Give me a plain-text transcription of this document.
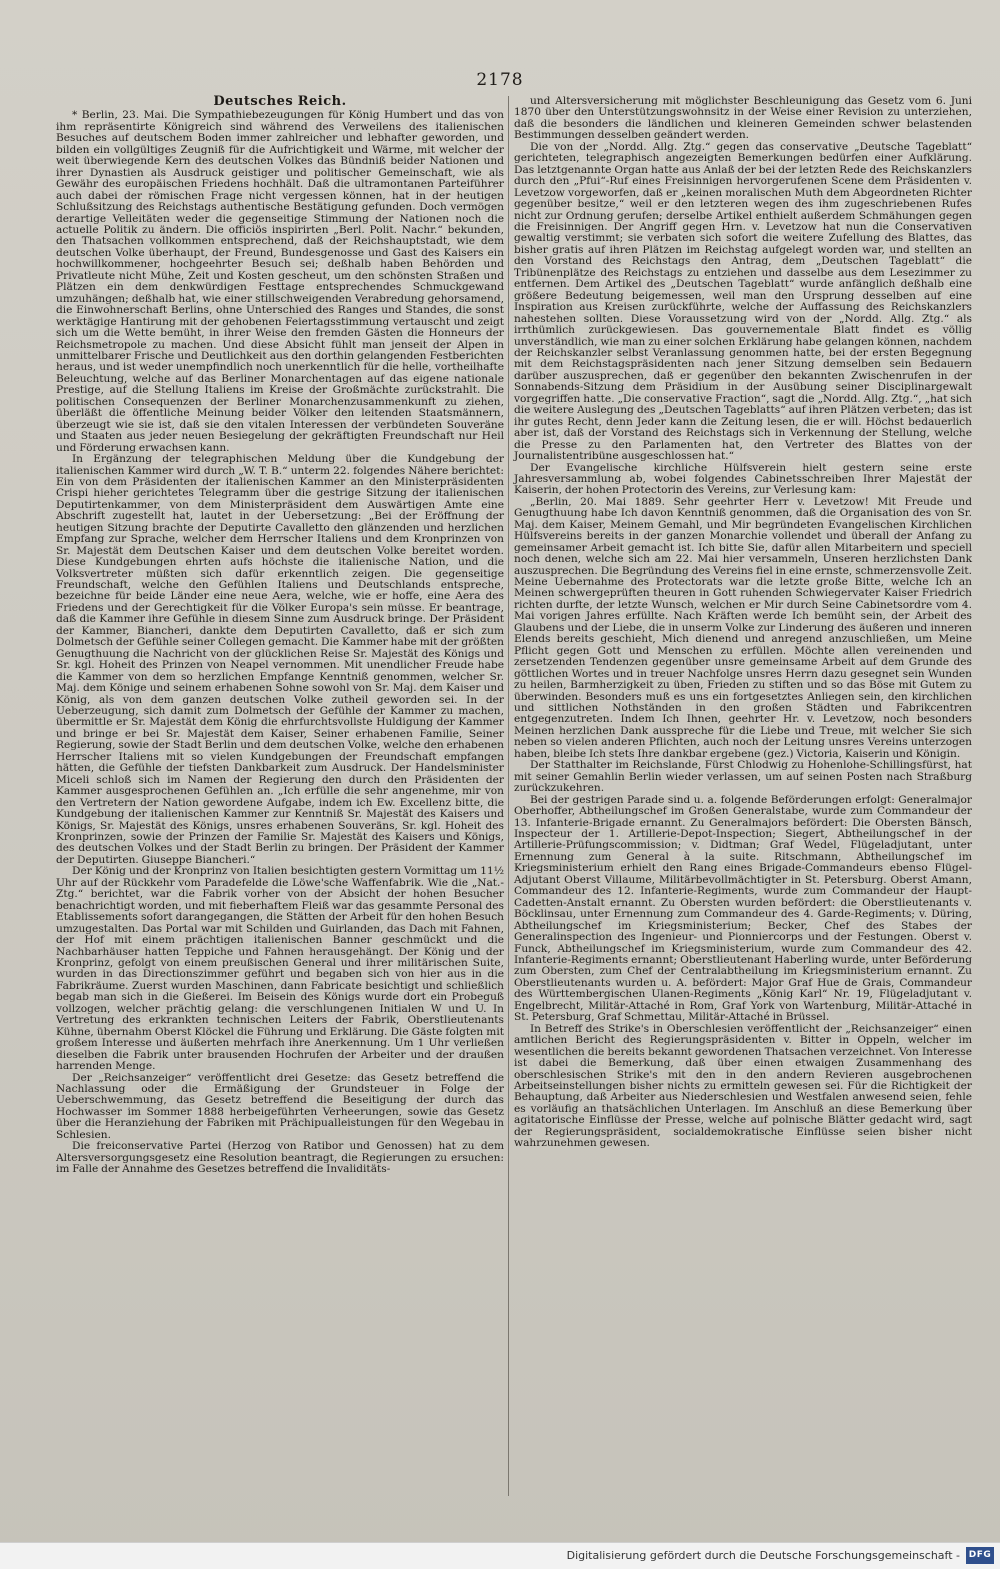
2178
Deutsches Reich.

* Berlin, 23. Mai. Die Sympathiebezeugungen für König Humbert und das von ihm repräsentirte Königreich sind während des Verweilens des italienischen Besuches auf deutschem Boden immer zahlreicher und lebhafter geworden, und bilden ein vollgültiges Zeugniß für die Aufrichtigkeit und Wärme, mit welcher der weit überwiegende Kern des deutschen Volkes das Bündniß beider Nationen und ihrer Dynastien als Ausdruck geistiger und politischer Gemeinschaft, wie als Gewähr des europäischen Friedens hochhält. Daß die ultramontanen Parteiführer auch dabei der römischen Frage nicht vergessen können, hat in der heutigen Schlußsitzung des Reichstags authentische Bestätigung gefunden. Doch vermögen derartige Velleitäten weder die gegenseitige Stimmung der Nationen noch die actuelle Politik zu ändern. Die officiös inspirirten „Berl. Polit. Nachr.“ bekunden, den Thatsachen vollkommen entsprechend, daß der Reichshauptstadt, wie dem deutschen Volke überhaupt, der Freund, Bundesgenosse und Gast des Kaisers ein hochwillkommener, hochgeehrter Besuch sei; deßhalb haben Behörden und Privatleute nicht Mühe, Zeit und Kosten gescheut, um den schönsten Straßen und Plätzen ein dem denkwürdigen Festtage entsprechendes Schmuckgewand umzuhängen; deßhalb hat, wie einer stillschweigenden Verabredung gehorsamend, die Einwohnerschaft Berlins, ohne Unterschied des Ranges und Standes, die sonst werktägige Hantirung mit der gehobenen Feiertagsstimmung vertauscht und zeigt sich um die Wette bemüht, in ihrer Weise den fremden Gästen die Honneurs der Reichsmetropole zu machen. Und diese Absicht fühlt man jenseit der Alpen in unmittelbarer Frische und Deutlichkeit aus den dorthin gelangenden Festberichten heraus, und ist weder unempfindlich noch unerkenntlich für die helle, vortheilhafte Beleuchtung, welche auf das Berliner Monarchentagen auf das eigene nationale Prestige, auf die Stellung Italiens im Kreise der Großmächte zurückstrahlt. Die politischen Consequenzen der Berliner Monarchenzusammenkunft zu ziehen, überläßt die öffentliche Meinung beider Völker den leitenden Staatsmännern, überzeugt wie sie ist, daß sie den vitalen Interessen der verbündeten Souveräne und Staaten aus jeder neuen Besiegelung der gekräftigten Freundschaft nur Heil und Förderung erwachsen kann.

In Ergänzung der telegraphischen Meldung über die Kundgebung der italienischen Kammer wird durch „W. T. B.“ unterm 22. folgendes Nähere berichtet: Ein von dem Präsidenten der italienischen Kammer an den Ministerpräsidenten Crispi hieher gerichtetes Telegramm über die gestrige Sitzung der italienischen Deputirtenkammer, von dem Ministerpräsident dem Auswärtigen Amte eine Abschrift zugestellt hat, lautet in der Uebersetzung: „Bei der Eröffnung der heutigen Sitzung brachte der Deputirte Cavalletto den glänzenden und herzlichen Empfang zur Sprache, welcher dem Herrscher Italiens und dem Kronprinzen von Sr. Majestät dem Deutschen Kaiser und dem deutschen Volke bereitet worden. Diese Kundgebungen ehrten aufs höchste die italienische Nation, und die Volksvertreter müßten sich dafür erkenntlich zeigen. Die gegenseitige Freundschaft, welche den Gefühlen Italiens und Deutschlands entspreche, bezeichne für beide Länder eine neue Aera, welche, wie er hoffe, eine Aera des Friedens und der Gerechtigkeit für die Völker Europa's sein müsse. Er beantrage, daß die Kammer ihre Gefühle in diesem Sinne zum Ausdruck bringe. Der Präsident der Kammer, Biancheri, dankte dem Deputirten Cavalletto, daß er sich zum Dolmetsch der Gefühle seiner Collegen gemacht. Die Kammer habe mit der größten Genugthuung die Nachricht von der glücklichen Reise Sr. Majestät des Königs und Sr. kgl. Hoheit des Prinzen von Neapel vernommen. Mit unendlicher Freude habe die Kammer von dem so herzlichen Empfange Kenntniß genommen, welcher Sr. Maj. dem Könige und seinem erhabenen Sohne sowohl von Sr. Maj. dem Kaiser und König, als von dem ganzen deutschen Volke zutheil geworden sei. In der Ueberzeugung, sich damit zum Dolmetsch der Gefühle der Kammer zu machen, übermittle er Sr. Majestät dem König die ehrfurchtsvollste Huldigung der Kammer und bringe er bei Sr. Majestät dem Kaiser, Seiner erhabenen Familie, Seiner Regierung, sowie der Stadt Berlin und dem deutschen Volke, welche den erhabenen Herrscher Italiens mit so vielen Kundgebungen der Freundschaft empfangen hätten, die Gefühle der tiefsten Dankbarkeit zum Ausdruck. Der Handelsminister Miceli schloß sich im Namen der Regierung den durch den Präsidenten der Kammer ausgesprochenen Gefühlen an. „Ich erfülle die sehr angenehme, mir von den Vertretern der Nation gewordene Aufgabe, indem ich Ew. Excellenz bitte, die Kundgebung der italienischen Kammer zur Kenntniß Sr. Majestät des Kaisers und Königs, Sr. Majestät des Königs, unsres erhabenen Souveräns, Sr. kgl. Hoheit des Kronprinzen, sowie der Prinzen der Familie Sr. Majestät des Kaisers und Königs, des deutschen Volkes und der Stadt Berlin zu bringen. Der Präsident der Kammer der Deputirten. Giuseppe Biancheri.“

Der König und der Kronprinz von Italien besichtigten gestern Vormittag um 11½ Uhr auf der Rückkehr vom Paradefelde die Löwe'sche Waffenfabrik. Wie die „Nat.-Ztg.“ berichtet, war die Fabrik vorher von der Absicht der hohen Besucher benachrichtigt worden, und mit fieberhaftem Fleiß war das gesammte Personal des Etablissements sofort darangegangen, die Stätten der Arbeit für den hohen Besuch umzugestalten. Das Portal war mit Schilden und Guirlanden, das Dach mit Fahnen, der Hof mit einem prächtigen italienischen Banner geschmückt und die Nachbarhäuser hatten Teppiche und Fahnen herausgehängt. Der König und der Kronprinz, gefolgt von einem preußischen General und ihrer militärischen Suite, wurden in das Directionszimmer geführt und begaben sich von hier aus in die Fabrikräume. Zuerst wurden Maschinen, dann Fabricate besichtigt und schließlich begab man sich in die Gießerei. Im Beisein des Königs wurde dort ein Probeguß vollzogen, welcher prächtig gelang: die verschlungenen Initialen W und U. In Vertretung des erkrankten technischen Leiters der Fabrik, Oberstlieutenants Kühne, übernahm Oberst Klöckel die Führung und Erklärung. Die Gäste folgten mit großem Interesse und äußerten mehrfach ihre Anerkennung. Um 1 Uhr verließen dieselben die Fabrik unter brausenden Hochrufen der Arbeiter und der draußen harrenden Menge.

Der „Reichsanzeiger“ veröffentlicht drei Gesetze: das Gesetz betreffend die Nachlassung oder die Ermäßigung der Grundsteuer in Folge der Ueberschwemmung, das Gesetz betreffend die Beseitigung der durch das Hochwasser im Sommer 1888 herbeigeführten Verheerungen, sowie das Gesetz über die Heranziehung der Fabriken mit Prächipualleistungen für den Wegebau in Schlesien.

Die freiconservative Partei (Herzog von Ratibor und Genossen) hat zu dem Altersversorgungsgesetz eine Resolution beantragt, die Regierungen zu ersuchen: im Falle der Annahme des Gesetzes betreffend die Invaliditäts-

und Altersversicherung mit möglichster Beschleunigung das Gesetz vom 6. Juni 1870 über den Unterstützungswohnsitz in der Weise einer Revision zu unterziehen, daß die besonders die ländlichen und kleineren Gemeinden schwer belastenden Bestimmungen desselben geändert werden.

Die von der „Nordd. Allg. Ztg.“ gegen das conservative „Deutsche Tageblatt“ gerichteten, telegraphisch angezeigten Bemerkungen bedürfen einer Aufklärung. Das letztgenannte Organ hatte aus Anlaß der bei der letzten Rede des Reichskanzlers durch den „Pfui“-Ruf eines Freisinnigen hervorgerufenen Scene dem Präsidenten v. Levetzow vorgeworfen, daß er „keinen moralischen Muth dem Abgeordneten Richter gegenüber besitze,“ weil er den letzteren wegen des ihm zugeschriebenen Rufes nicht zur Ordnung gerufen; derselbe Artikel enthielt außerdem Schmähungen gegen die Freisinnigen. Der Angriff gegen Hrn. v. Levetzow hat nun die Conservativen gewaltig verstimmt; sie verbaten sich sofort die weitere Zufellung des Blattes, das bisher gratis auf ihren Plätzen im Reichstag aufgelegt worden war, und stellten an den Vorstand des Reichstags den Antrag, dem „Deutschen Tageblatt“ die Tribünenplätze des Reichstags zu entziehen und dasselbe aus dem Lesezimmer zu entfernen. Dem Artikel des „Deutschen Tageblatt“ wurde anfänglich deßhalb eine größere Bedeutung beigemessen, weil man den Ursprung desselben auf eine Inspiration aus Kreisen zurückführte, welche der Auffassung des Reichskanzlers nahestehen sollten. Diese Voraussetzung wird von der „Nordd. Allg. Ztg.“ als irrthümlich zurückgewiesen. Das gouvernementale Blatt findet es völlig unverständlich, wie man zu einer solchen Erklärung habe gelangen können, nachdem der Reichskanzler selbst Veranlassung genommen hatte, bei der ersten Begegnung mit dem Reichstagspräsidenten nach jener Sitzung demselben sein Bedauern darüber auszusprechen, daß er gegenüber den bekannten Zwischenrufen in der Sonnabends-Sitzung dem Präsidium in der Ausübung seiner Disciplinargewalt vorgegriffen hatte. „Die conservative Fraction“, sagt die „Nordd. Allg. Ztg.“, „hat sich die weitere Auslegung des „Deutschen Tageblatts“ auf ihren Plätzen verbeten; das ist ihr gutes Recht, denn Jeder kann die Zeitung lesen, die er will. Höchst bedauerlich aber ist, daß der Vorstand des Reichstags sich in Verkennung der Stellung, welche die Presse zu den Parlamenten hat, den Vertreter des Blattes von der Journalistentribüne ausgeschlossen hat.“

Der Evangelische kirchliche Hülfsverein hielt gestern seine erste Jahresversammlung ab, wobei folgendes Cabinetsschreiben Ihrer Majestät der Kaiserin, der hohen Protectorin des Vereins, zur Verlesung kam:

„Berlin, 20. Mai 1889. Sehr geehrter Herr v. Levetzow! Mit Freude und Genugthuung habe Ich davon Kenntniß genommen, daß die Organisation des von Sr. Maj. dem Kaiser, Meinem Gemahl, und Mir begründeten Evangelischen Kirchlichen Hülfsvereins bereits in der ganzen Monarchie vollendet und überall der Anfang zu gemeinsamer Arbeit gemacht ist. Ich bitte Sie, dafür allen Mitarbeitern und speciell noch denen, welche sich am 22. Mai hier versammeln, Unseren herzlichsten Dank auszusprechen. Die Begründung des Vereins fiel in eine ernste, schmerzensvolle Zeit. Meine Uebernahme des Protectorats war die letzte große Bitte, welche Ich an Meinen schwergeprüften theuren in Gott ruhenden Schwiegervater Kaiser Friedrich richten durfte, der letzte Wunsch, welchen er Mir durch Seine Cabinetsordre vom 4. Mai vorigen Jahres erfüllte. Nach Kräften werde Ich bemüht sein, der Arbeit des Glaubens und der Liebe, die in unserm Volke zur Linderung des äußeren und inneren Elends bereits geschieht, Mich dienend und anregend anzuschließen, um Meine Pflicht gegen Gott und Menschen zu erfüllen. Möchte allen vereinenden und zersetzenden Tendenzen gegenüber unsre gemeinsame Arbeit auf dem Grunde des göttlichen Wortes und in treuer Nachfolge unsres Herrn dazu gesegnet sein Wunden zu heilen, Barmherzigkeit zu üben, Frieden zu stiften und so das Böse mit Gutem zu überwinden. Besonders muß es uns ein fortgesetztes Anliegen sein, den kirchlichen und sittlichen Nothständen in den großen Städten und Fabrikcentren entgegenzutreten. Indem Ich Ihnen, geehrter Hr. v. Levetzow, noch besonders Meinen herzlichen Dank ausspreche für die Liebe und Treue, mit welcher Sie sich neben so vielen anderen Pflichten, auch noch der Leitung unsres Vereins unterzogen haben, bleibe Ich stets Ihre dankbar ergebene (gez.) Victoria, Kaiserin und Königin.

Der Statthalter im Reichslande, Fürst Chlodwig zu Hohenlohe-Schillingsfürst, hat mit seiner Gemahlin Berlin wieder verlassen, um auf seinen Posten nach Straßburg zurückzukehren.

Bei der gestrigen Parade sind u. a. folgende Beförderungen erfolgt: Generalmajor Oberhoffer, Abtheilungschef im Großen Generalstabe, wurde zum Commandeur der 13. Infanterie-Brigade ernannt. Zu Generalmajors befördert: Die Obersten Bänsch, Inspecteur der 1. Artillerie-Depot-Inspection; Siegert, Abtheilungschef in der Artillerie-Prüfungscommission; v. Didtman; Graf Wedel, Flügeladjutant, unter Ernennung zum General à la suite. Ritschmann, Abtheilungschef im Kriegsministerium erhielt den Rang eines Brigade-Commandeurs ebenso Flügel-Adjutant Oberst Villaume, Militärbevollmächtigter in St. Petersburg. Oberst Amann, Commandeur des 12. Infanterie-Regiments, wurde zum Commandeur der Haupt-Cadetten-Anstalt ernannt. Zu Obersten wurden befördert: die Oberstlieutenants v. Böcklinsau, unter Ernennung zum Commandeur des 4. Garde-Regiments; v. Düring, Abtheilungschef im Kriegsministerium; Becker, Chef des Stabes der Generalinspection des Ingenieur- und Pionniercorps und der Festungen. Oberst v. Funck, Abtheilungschef im Kriegsministerium, wurde zum Commandeur des 42. Infanterie-Regiments ernannt; Oberstlieutenant Haberling wurde, unter Beförderung zum Obersten, zum Chef der Centralabtheilung im Kriegsministerium ernannt. Zu Oberstlieutenants wurden u. A. befördert: Major Graf Hue de Grais, Commandeur des Württembergischen Ulanen-Regiments „König Karl“ Nr. 19, Flügeladjutant v. Engelbrecht, Militär-Attaché in Rom, Graf York von Wartenburg, Militär-Attaché in St. Petersburg, Graf Schmettau, Militär-Attaché in Brüssel.

In Betreff des Strike's in Oberschlesien veröffentlicht der „Reichsanzeiger“ einen amtlichen Bericht des Regierungspräsidenten v. Bitter in Oppeln, welcher im wesentlichen die bereits bekannt gewordenen Thatsachen verzeichnet. Von Interesse ist dabei die Bemerkung, daß über einen etwaigen Zusammenhang des oberschlesischen Strike's mit den in den andern Revieren ausgebrochenen Arbeitseinstellungen bisher nichts zu ermitteln gewesen sei. Für die Richtigkeit der Behauptung, daß Arbeiter aus Niederschlesien und Westfalen anwesend seien, fehle es vorläufig an thatsächlichen Unterlagen. Im Anschluß an diese Bemerkung über agitatorische Einflüsse der Presse, welche auf polnische Blätter gedacht wird, sagt der Regierungspräsident, socialdemokratische Einflüsse seien bisher nicht wahrzunehmen gewesen.

Digitalisierung gefördert durch die Deutsche Forschungsgemeinschaft - DFG
